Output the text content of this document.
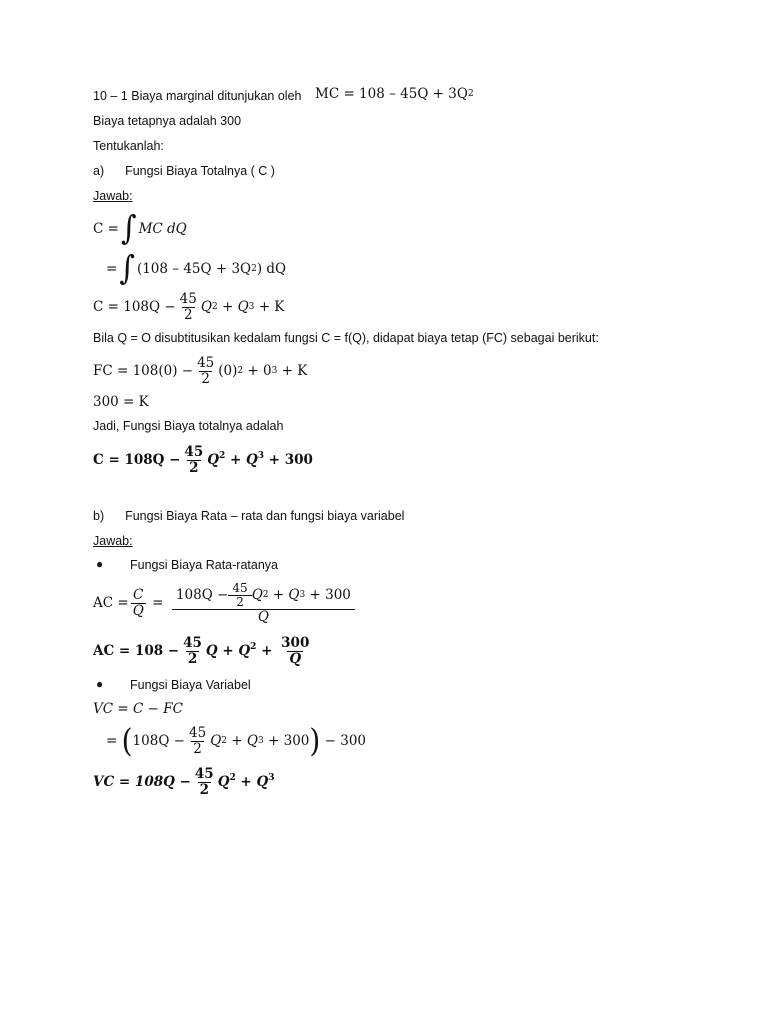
10 – 1 Biaya marginal ditunjukan oleh MC = 108 – 45Q + 3Q 2
Biaya tetapnya adalah 300
Tentukanlah:
a) Fungsi Biaya Totalnya ( C )
Jawab:
C = ∫ MC dQ
= ∫ (108 – 45Q + 3Q 2 ) dQ
$C = 108Q - \frac{45}{2}$ Q 2 + Q 3
+ K
Bila Q = O disubtitusikan kedalam fungsi C = f(Q), didapat biaya tetap (FC) sebagai berikut:
FC = $108(0) - \frac{45}{2} (0) 2 + 0$ 3
+ K
300 = K
Jadi, Fungsi Biaya totalnya adalah
$C = 108Q - \frac{45}{2} Q^2 + Q^3 + 300$
b) Fungsi Biaya Rata – rata dan fungsi biaya variabel
Jawab:
● Fungsi Biaya Rata-ratanya
AC = $\frac{C}{Q}$
=
$108Q - \frac{45}{2}$ Q 2 + Q 3
+ 300
Q
AC = $108 - \frac{45}{2}$ $Q + Q^2 + \frac{300}{Q}$
● Fungsi Biaya Variabel
VC = C − FC
=
( $108Q - \frac{45}{2}$ Q 2 + Q 3
+ 300 )
− 300
VC = $108Q - \frac{45}{2} Q^2 + Q^3$
